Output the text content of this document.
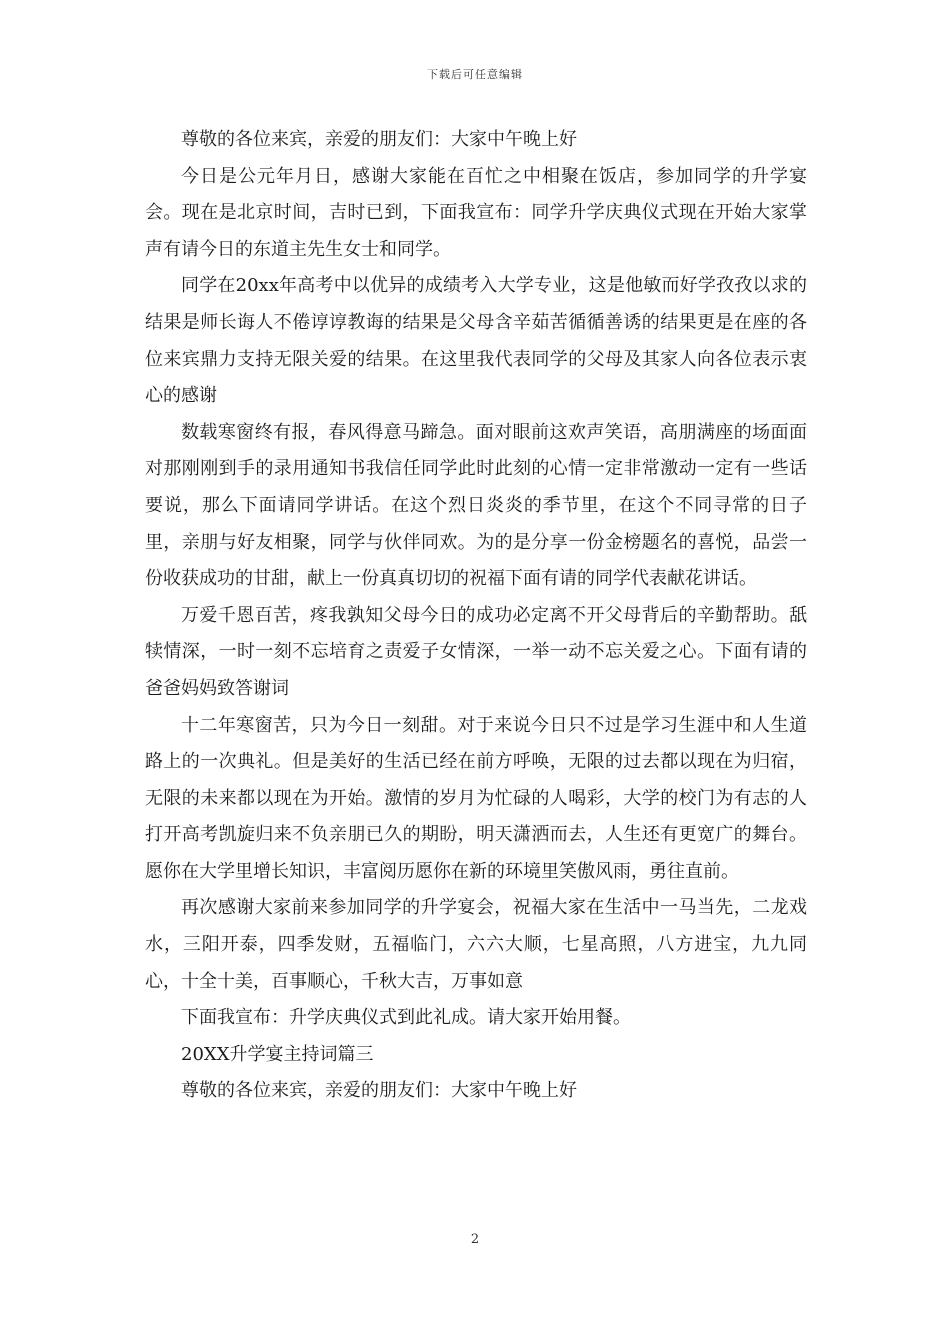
下载后可任意编辑

尊敬的各位来宾，亲爱的朋友们：大家中午晚上好

今日是公元年月日，感谢大家能在百忙之中相聚在饭店，参加同学的升学宴会。现在是北京时间，吉时已到，下面我宣布：同学升学庆典仪式现在开始大家掌声有请今日的东道主先生女士和同学。

同学在20xx年高考中以优异的成绩考入大学专业，这是他敏而好学孜孜以求的结果是师长诲人不倦谆谆教诲的结果是父母含辛茹苦循循善诱的结果更是在座的各位来宾鼎力支持无限关爱的结果。在这里我代表同学的父母及其家人向各位表示衷心的感谢

数载寒窗终有报，春风得意马蹄急。面对眼前这欢声笑语，高朋满座的场面面对那刚刚到手的录用通知书我信任同学此时此刻的心情一定非常激动一定有一些话要说，那么下面请同学讲话。在这个烈日炎炎的季节里，在这个不同寻常的日子里，亲朋与好友相聚，同学与伙伴同欢。为的是分享一份金榜题名的喜悦，品尝一份收获成功的甘甜，献上一份真真切切的祝福下面有请的同学代表献花讲话。

万爱千恩百苦，疼我孰知父母今日的成功必定离不开父母背后的辛勤帮助。舐犊情深，一时一刻不忘培育之责爱子女情深，一举一动不忘关爱之心。下面有请的爸爸妈妈致答谢词

十二年寒窗苦，只为今日一刻甜。对于来说今日只不过是学习生涯中和人生道路上的一次典礼。但是美好的生活已经在前方呼唤，无限的过去都以现在为归宿，无限的未来都以现在为开始。激情的岁月为忙碌的人喝彩，大学的校门为有志的人打开高考凯旋归来不负亲朋已久的期盼，明天潇洒而去，人生还有更宽广的舞台。愿你在大学里增长知识，丰富阅历愿你在新的环境里笑傲风雨，勇往直前。

再次感谢大家前来参加同学的升学宴会，祝福大家在生活中一马当先，二龙戏水，三阳开泰，四季发财，五福临门，六六大顺，七星高照，八方进宝，九九同心，十全十美，百事顺心，千秋大吉，万事如意

下面我宣布：升学庆典仪式到此礼成。请大家开始用餐。

20XX升学宴主持词篇三

尊敬的各位来宾，亲爱的朋友们：大家中午晚上好

2
